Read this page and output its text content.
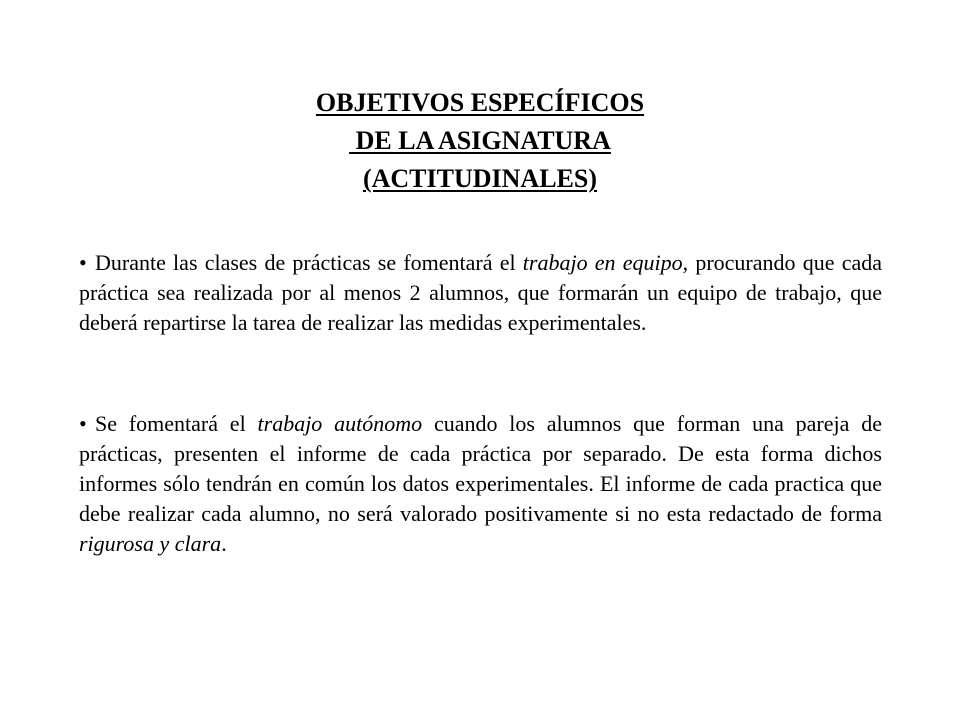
OBJETIVOS ESPECÍFICOS
DE LA ASIGNATURA
(ACTITUDINALES)
• Durante las clases de prácticas se fomentará el trabajo en equipo, procurando que cada práctica sea realizada por al menos 2 alumnos, que formarán un equipo de trabajo, que deberá repartirse la tarea de realizar las medidas experimentales.
• Se fomentará el trabajo autónomo cuando los alumnos que forman una pareja de prácticas, presenten el informe de cada práctica por separado. De esta forma dichos informes sólo tendrán en común los datos experimentales. El informe de cada practica que debe realizar cada alumno, no será valorado positivamente si no esta redactado de forma rigurosa y clara.
